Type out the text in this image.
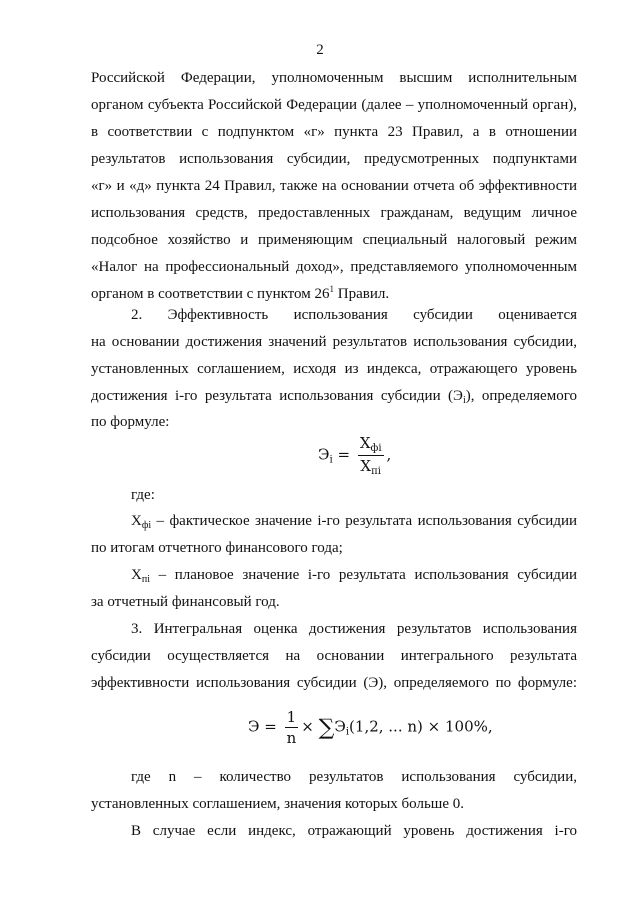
2
Российской Федерации, уполномоченным высшим исполнительным
органом субъекта Российской Федерации (далее – уполномоченный орган),
в соответствии с подпунктом «г» пункта 23 Правил, а в отношении
результатов использования субсидии, предусмотренных подпунктами
«г» и «д» пункта 24 Правил, также на основании отчета об эффективности
использования средств, предоставленных гражданам, ведущим личное
подсобное хозяйство и применяющим специальный налоговый режим
«Налог на профессиональный доход», представляемого уполномоченным
органом в соответствии с пунктом $26^1$ Правил.
2. Эффективность использования субсидии оценивается
на основании достижения значений результатов использования субсидии,
установленных соглашением, исходя из индекса, отражающего уровень
достижения i-го результата использования субсидии $(Э_i)$, определяемого
по формуле:
$Э_i = \frac{X_{фi}}{X_{пi}}$ ,
где:
$X_{фi}$ – фактическое значение i-го результата использования субсидии
по итогам отчетного финансового года;
$X_{пi}$ – плановое значение i-го результата использования субсидии
за отчетный финансовый год.
3. Интегральная оценка достижения результатов использования
субсидии осуществляется на основании интегрального результата
эффективности использования субсидии (Э), определяемого по формуле:
$Э = \frac{1}{n} \times \sum Э_i(1,2$, ... n) × 100%,
где n – количество результатов использования субсидии,
установленных соглашением, значения которых больше 0.
В случае если индекс, отражающий уровень достижения i-го
